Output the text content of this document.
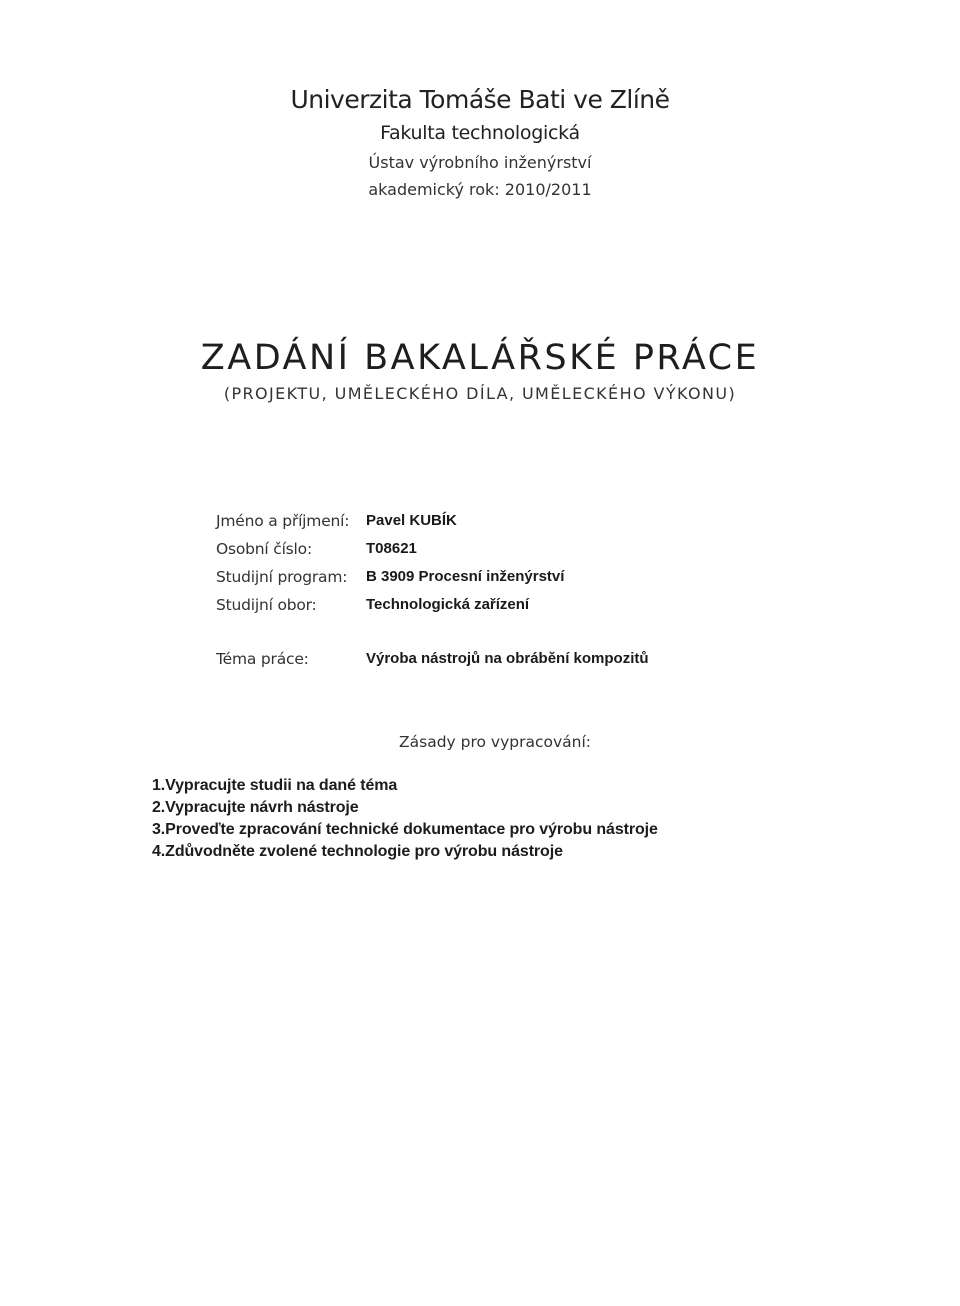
Univerzita Tomáše Bati ve Zlíně
Fakulta technologická
Ústav výrobního inženýrství
akademický rok: 2010/2011
ZADÁNÍ BAKALÁŘSKÉ PRÁCE
(PROJEKTU, UMĚLECKÉHO DÍLA, UMĚLECKÉHO VÝKONU)
Jméno a příjmení: Pavel KUBÍK
Osobní číslo:	T08621
Studijní program: B 3909 Procesní inženýrství
Studijní obor:	Technologická zařízení
Téma práce:	Výroba nástrojů na obrábění kompozitů
Zásady pro vypracování:
1.Vypracujte studii na dané téma
2.Vypracujte návrh nástroje
3.Proveďte zpracování technické dokumentace pro výrobu nástroje
4.Zdůvodněte zvolené technologie pro výrobu nástroje
